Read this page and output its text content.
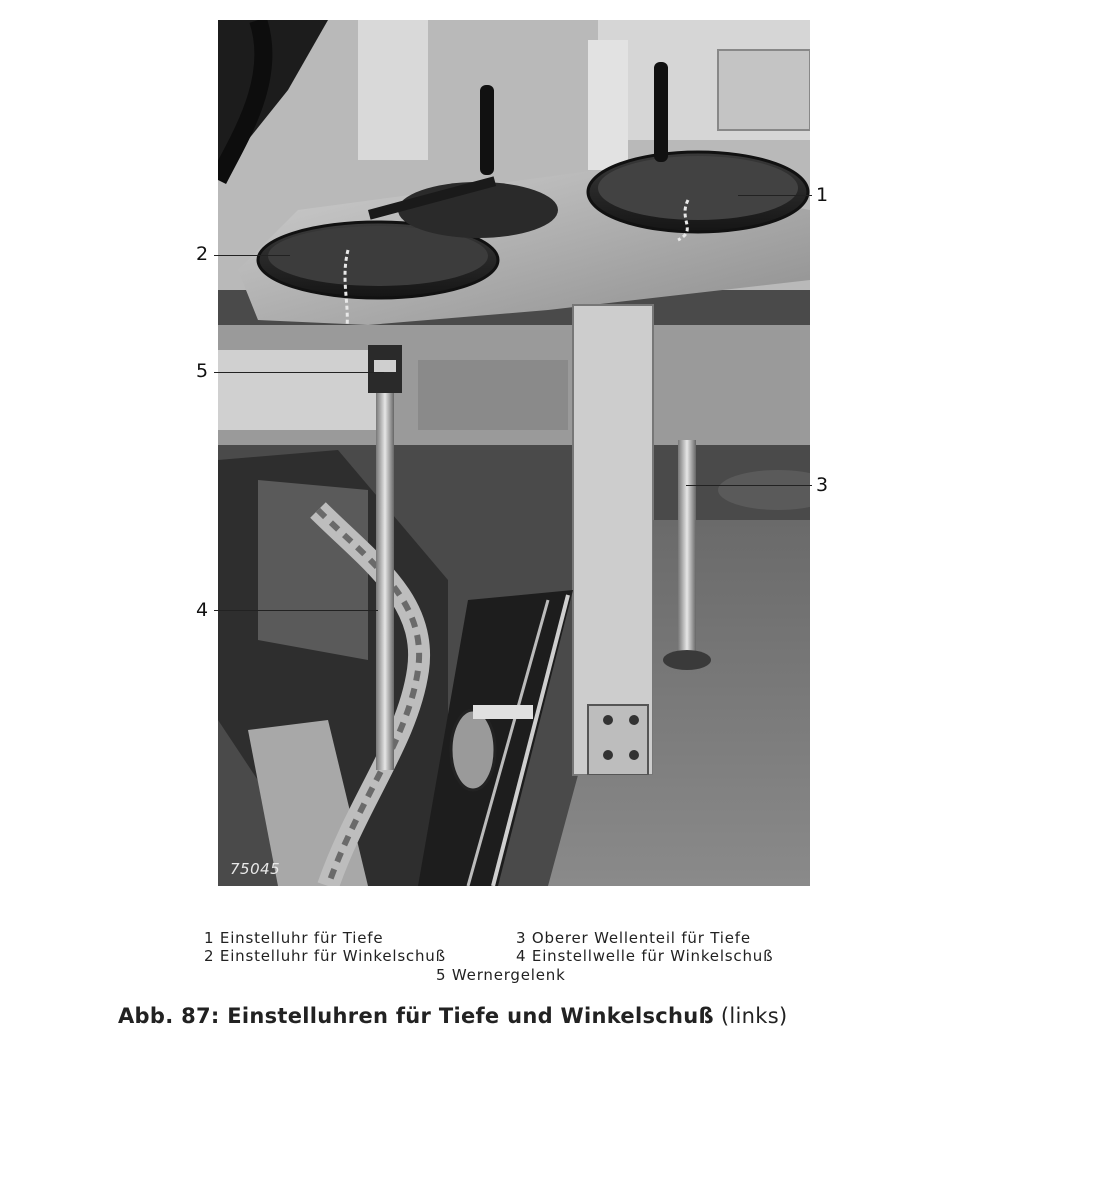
75045
1
2
3
4
5
1 Einstelluhr für Tiefe
2 Einstelluhr für Winkelschuß
3 Oberer Wellenteil für Tiefe
4 Einstellwelle für Winkelschuß
5 Wernergelenk
Abb. 87: Einstelluhren für Tiefe und Winkelschuß (links)
